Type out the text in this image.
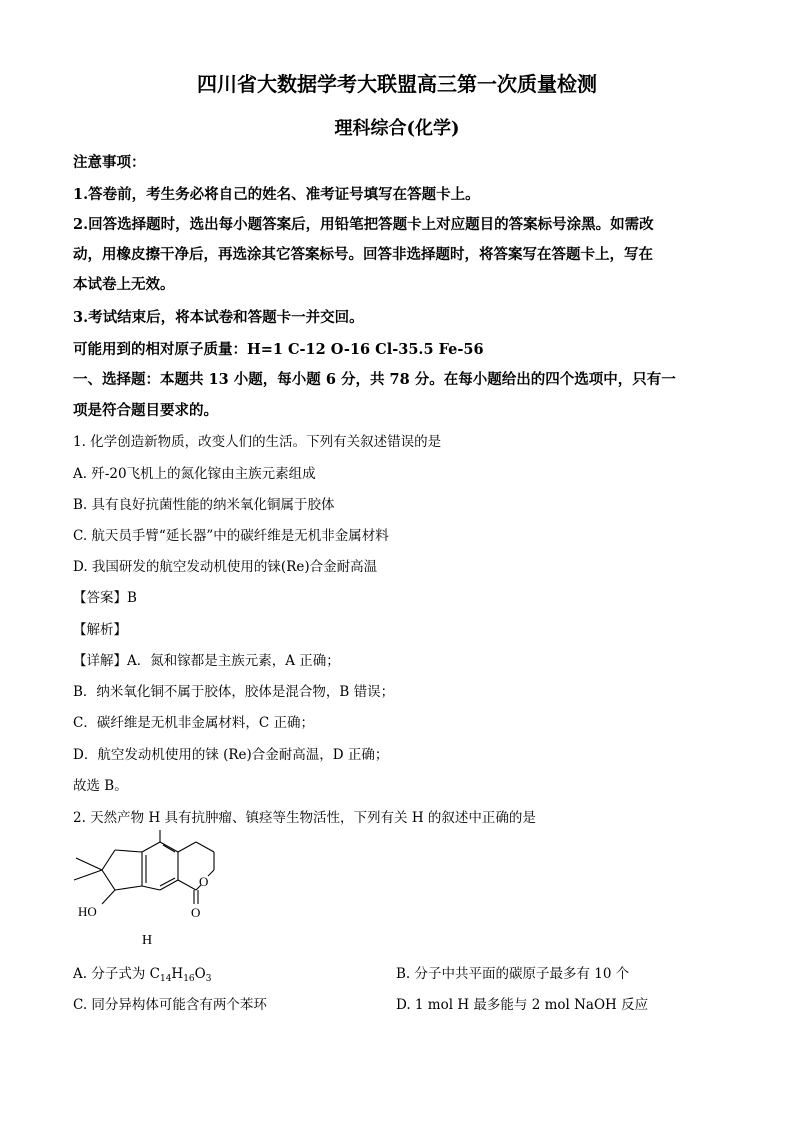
四川省大数据学考大联盟高三第一次质量检测
理科综合(化学)
注意事项：
1.答卷前，考生务必将自己的姓名、准考证号填写在答题卡上。
2.回答选择题时，选出每小题答案后，用铅笔把答题卡上对应题目的答案标号涂黑。如需改
动，用橡皮擦干净后，再选涂其它答案标号。回答非选择题时，将答案写在答题卡上，写在
本试卷上无效。
3.考试结束后，将本试卷和答题卡一并交回。
可能用到的相对原子质量：H=1 C-12 O-16 Cl-35.5 Fe-56
一、选择题：本题共 13 小题，每小题 6 分，共 78 分。在每小题给出的四个选项中，只有一
项是符合题目要求的。
1. 化学创造新物质，改变人们的生活。下列有关叙述错误的是
A. 歼-20飞机上的氮化镓由主族元素组成
B. 具有良好抗菌性能的纳米氧化铜属于胶体
C. 航天员手臂“延长器”中的碳纤维是无机非金属材料
D. 我国研发的航空发动机使用的铼(Re)合金耐高温
【答案】B
【解析】
【详解】A．氮和镓都是主族元素，A 正确；
B．纳米氧化铜不属于胶体，胶体是混合物，B 错误；
C．碳纤维是无机非金属材料，C 正确；
D．航空发动机使用的铼 (Re)合金耐高温，D 正确；
故选 B。
2. 天然产物 H 具有抗肿瘤、镇痉等生物活性，下列有关 H 的叙述中正确的是
HO
O
O
H
A. 分子式为 $C_{14}H_{16}O_3$	B. 分子中共平面的碳原子最多有 10 个
C. 同分异构体可能含有两个苯环	D. 1 mol H 最多能与 2 mol NaOH 反应
